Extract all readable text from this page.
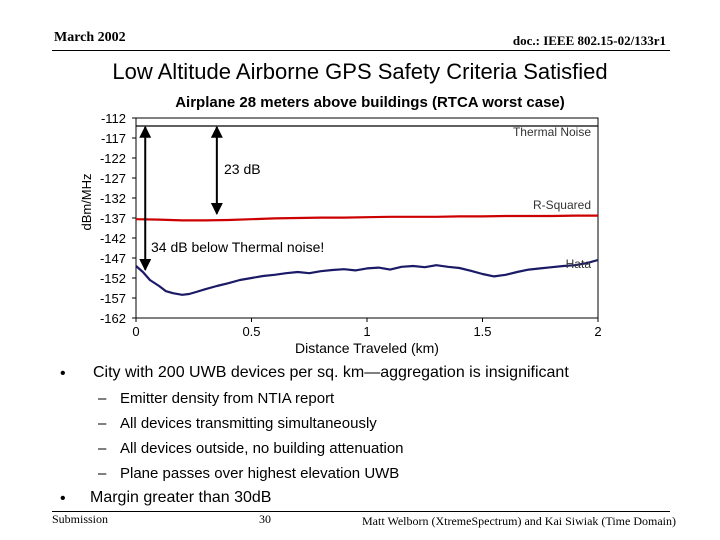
March 2002	doc.: IEEE 802.15-02/133r1
Low Altitude Airborne GPS Safety Criteria Satisfied
Airplane 28 meters above buildings (RTCA worst case)
dBm/MHz
Distance Traveled (km)
-112
-117
-122
-127
-132
-137
-142
-147
-152
-157
-162
0	0.5	1	1.5	2
Thermal Noise
R-Squared
Hata
23 dB
34 dB below Thermal noise!
• City with 200 UWB devices per sq. km—aggregation is insignificant
– Emitter density from NTIA report
– All devices transmitting simultaneously
– All devices outside, no building attenuation
– Plane passes over highest elevation UWB
• Margin greater than 30dB
Submission	30	Matt Welborn (XtremeSpectrum) and Kai Siwiak (Time Domain)
